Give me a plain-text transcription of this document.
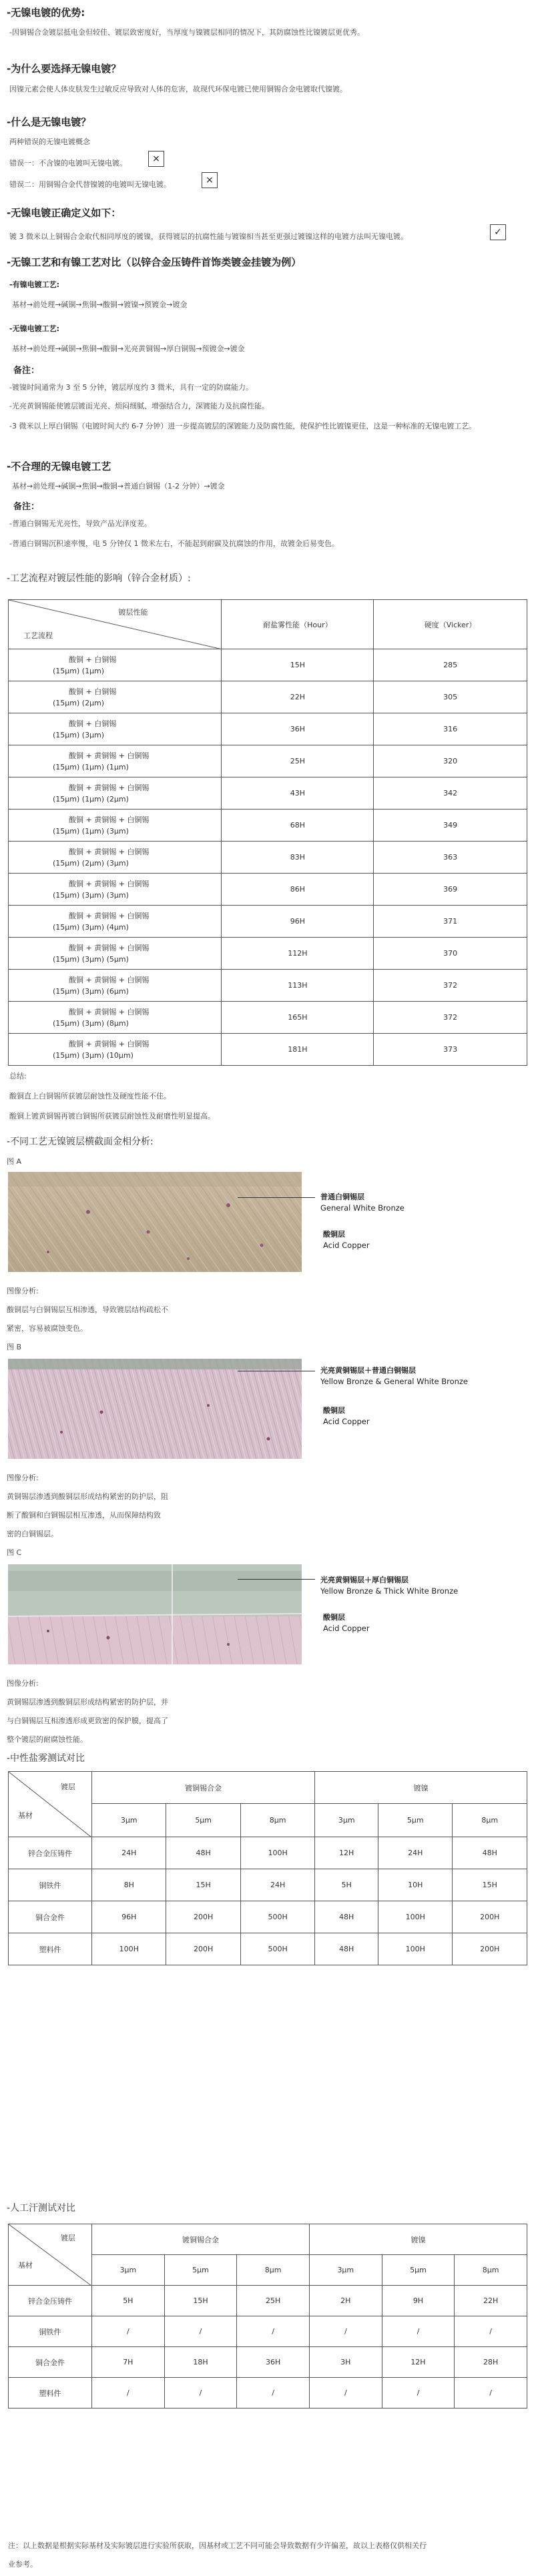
-无镍电镀的优势:
-因铜锡合金镀层抵电金但较佳、镀层致密度好，当厚度与镍镀层相同的情况下，其防腐蚀性比镍镀层更优秀。
-为什么要选择无镍电镀？
因镍元素会使人体皮肤发生过敏反应导致对人体的危害，故现代环保电镀已使用铜锡合金电镀取代镍镀。
-什么是无镍电镀？
两种错误的无镍电镀概念
错误一：不含镍的电镀叫无镍电镀。	×
错误二：用铜锡合金代替镍镀的电镀叫无镍电镀。	×
-无镍电镀正确定义如下：
镀 3 微米以上铜锡合金取代相同厚度的镀镍，获得镀层的抗腐性能与镀镍相当甚至更强过镀镍这样的电镀方法叫无镍电镀。	✓
-无镍工艺和有镍工艺对比（以锌合金压铸件首饰类镀金挂镀为例）
-有镍电镀工艺:
基材→前处理→碱铜→焦铜→酸铜→镀镍→预镀金→镀金
-无镍电镀工艺:
基材→前处理→碱铜→焦铜→酸铜→光亮黄铜锡→厚白铜锡→预镀金→镀金
备注：
-镀镍时间通常为 3 至 5 分钟，镀层厚度约 3 微米，具有一定的防腐能力。
-光亮黄铜锡能使镀层镀面光亮、烦闷细腻、增强结合力，深镀能力及抗腐性能。
-3 微米以上厚白铜锡（电镀时间大约 6-7 分钟）进一步提高镀层的深镀能力及防腐性能，使保护性比镀镍更佳，这是一种标准的无镍电镀工艺。
-不合理的无镍电镀工艺
基材→前处理→碱铜→焦铜→酸铜→普通白铜锡（1-2 分钟）→镀金
备注：
-普通白铜锡无光亮性，导致产品光泽度差。
-普通白铜锡沉积速率慢，电 5 分钟仅 1 微米左右，不能起到耐碳及抗腐蚀的作用，故镀金后易变色。
-工艺流程对镀层性能的影响（锌合金材质）:
镀层性能
工艺流程	耐盐雾性能（Hour）	硬度（Vicker）

酸铜 + 白铜锡
(15μm) (1μm)	15H	285

酸铜 + 白铜锡
(15μm) (2μm)	22H	305

酸铜 + 白铜锡
(15μm) (3μm)	36H	316

酸铜 + 黄铜锡 + 白铜锡
(15μm) (1μm) (1μm)	25H	320

酸铜 + 黄铜锡 + 白铜锡
(15μm) (1μm) (2μm)	43H	342

酸铜 + 黄铜锡 + 白铜锡
(15μm) (1μm) (3μm)	68H	349

酸铜 + 黄铜锡 + 白铜锡
(15μm) (2μm) (3μm)	83H	363

酸铜 + 黄铜锡 + 白铜锡
(15μm) (3μm) (3μm)	86H	369

酸铜 + 黄铜锡 + 白铜锡
(15μm) (3μm) (4μm)	96H	371

酸铜 + 黄铜锡 + 白铜锡
(15μm) (3μm) (5μm)	112H	370

酸铜 + 黄铜锡 + 白铜锡
(15μm) (3μm) (6μm)	113H	372

酸铜 + 黄铜锡 + 白铜锡
(15μm) (3μm) (8μm)	165H	372

酸铜 + 黄铜锡 + 白铜锡
(15μm) (3μm) (10μm)	181H	373
总结:
酸铜直上白铜锡所获镀层耐蚀性及硬度性能不佳。
酸铜上镀黄铜锡再镀白铜锡所获镀层耐蚀性及耐磨性明显提高。
-不同工艺无镍镀层横截面金相分析:
图 A
普通白铜锡层
General White Bronze
酸铜层
Acid Copper
图像分析:
酸铜层与白铜锡层互相渗透，导致镀层结构疏松不
紧密，容易被腐蚀变色。
图 B
光亮黄铜锡层＋普通白铜锡层
Yellow Bronze & General White Bronze
酸铜层
Acid Copper
图像分析:
黄铜锡层渗透到酸铜层形成结构紧密的防护层，阻
断了酸铜和白铜锡层相互渗透，从而保障结构致
密的白铜锡层。
图 C
光亮黄铜锡层＋厚白铜锡层
Yellow Bronze & Thick White Bronze
酸铜层
Acid Copper
图像分析:
黄铜锡层渗透到酸铜层形成结构紧密的防护层，并
与白铜锡层互相渗透形成更致密的保护膜，提高了
整个镀层的耐腐蚀性能。
-中性盐雾测试对比
镀层
基材	镀铜锡合金			镀镍		
	3μm	5μm	8μm	3μm	5μm	8μm
锌合金压铸件	24H	48H	100H	12H	24H	48H
铜铁件	8H	15H	24H	5H	10H	15H
铜合金件	96H	200H	500H	48H	100H	200H
塑料件	100H	200H	500H	48H	100H	200H
-人工汗测试对比
镀层
基材	镀铜锡合金			镀镍		
	3μm	5μm	8μm	3μm	5μm	8μm
锌合金压铸件	5H	15H	25H	2H	9H	22H
铜铁件	/	/	/	/	/	/
铜合金件	7H	18H	36H	3H	12H	28H
塑料件	/	/	/	/	/	/
注：以上数据是根据实际基材及实际镀层进行实验所获取，因基材或工艺不同可能会导致数据有少许偏差，故以上表格仅供相关行
业参考。
